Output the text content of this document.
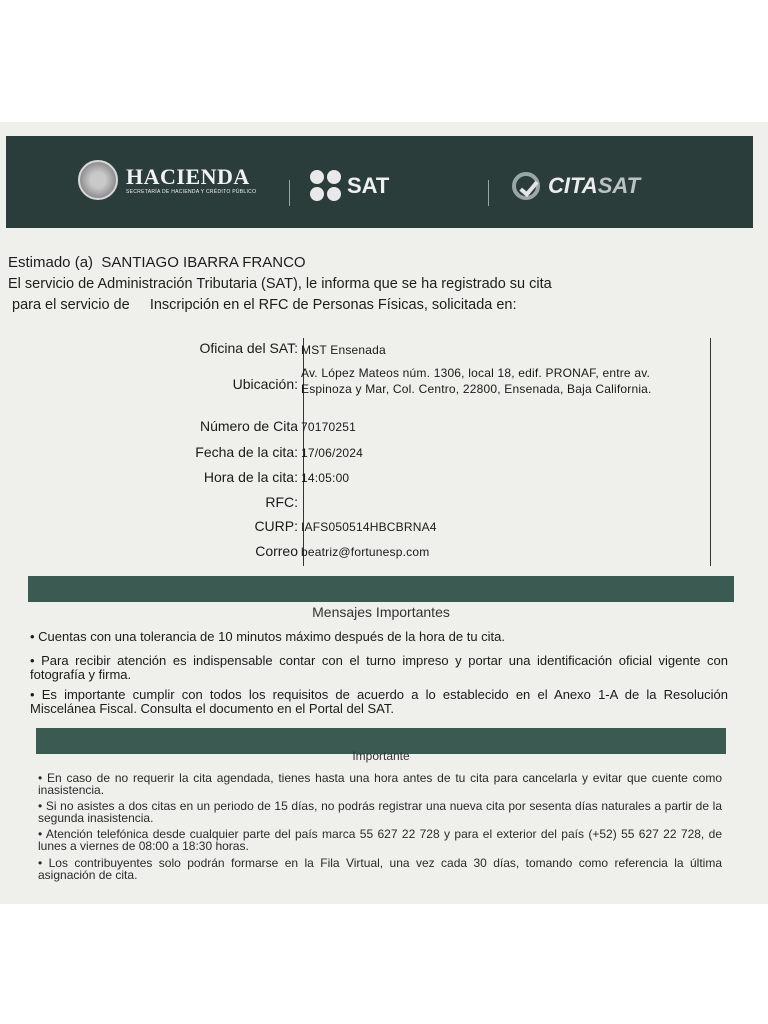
HACIENDA
SECRETARÍA DE HACIENDA Y CRÉDITO PÚBLICO	SAT	CITASAT
Estimado (a) SANTIAGO IBARRA FRANCO
El servicio de Administración Tributaria (SAT), le informa que se ha registrado su cita
para el servicio de Inscripción en el RFC de Personas Físicas, solicitada en:
Oficina del SAT: MST Ensenada
Ubicación:
Av. López Mateos núm. 1306, local 18, edif. PRONAF, entre av.
Espinoza y Mar, Col. Centro, 22800, Ensenada, Baja California.
Número de Cita 70170251
Fecha de la cita: 17/06/2024
Hora de la cita: 14:05:00
RFC:
CURP: IAFS050514HBCBRNA4
Correo beatriz@fortunesp.com
Mensajes Importantes
• Cuentas con una tolerancia de 10 minutos máximo después de la hora de tu cita.
• Para recibir atención es indispensable contar con el turno impreso y portar una identificación oficial vigente con fotografía y firma.
• Es importante cumplir con todos los requisitos de acuerdo a lo establecido en el Anexo 1-A de la Resolución Miscelánea Fiscal. Consulta el documento en el Portal del SAT.
Importante
• En caso de no requerir la cita agendada, tienes hasta una hora antes de tu cita para cancelarla y evitar que cuente como inasistencia.
• Si no asistes a dos citas en un periodo de 15 días, no podrás registrar una nueva cita por sesenta días naturales a partir de la segunda inasistencia.
• Atención telefónica desde cualquier parte del país marca 55 627 22 728 y para el exterior del país (+52) 55 627 22 728, de lunes a viernes de 08:00 a 18:30 horas.
• Los contribuyentes solo podrán formarse en la Fila Virtual, una vez cada 30 días, tomando como referencia la última asignación de cita.
